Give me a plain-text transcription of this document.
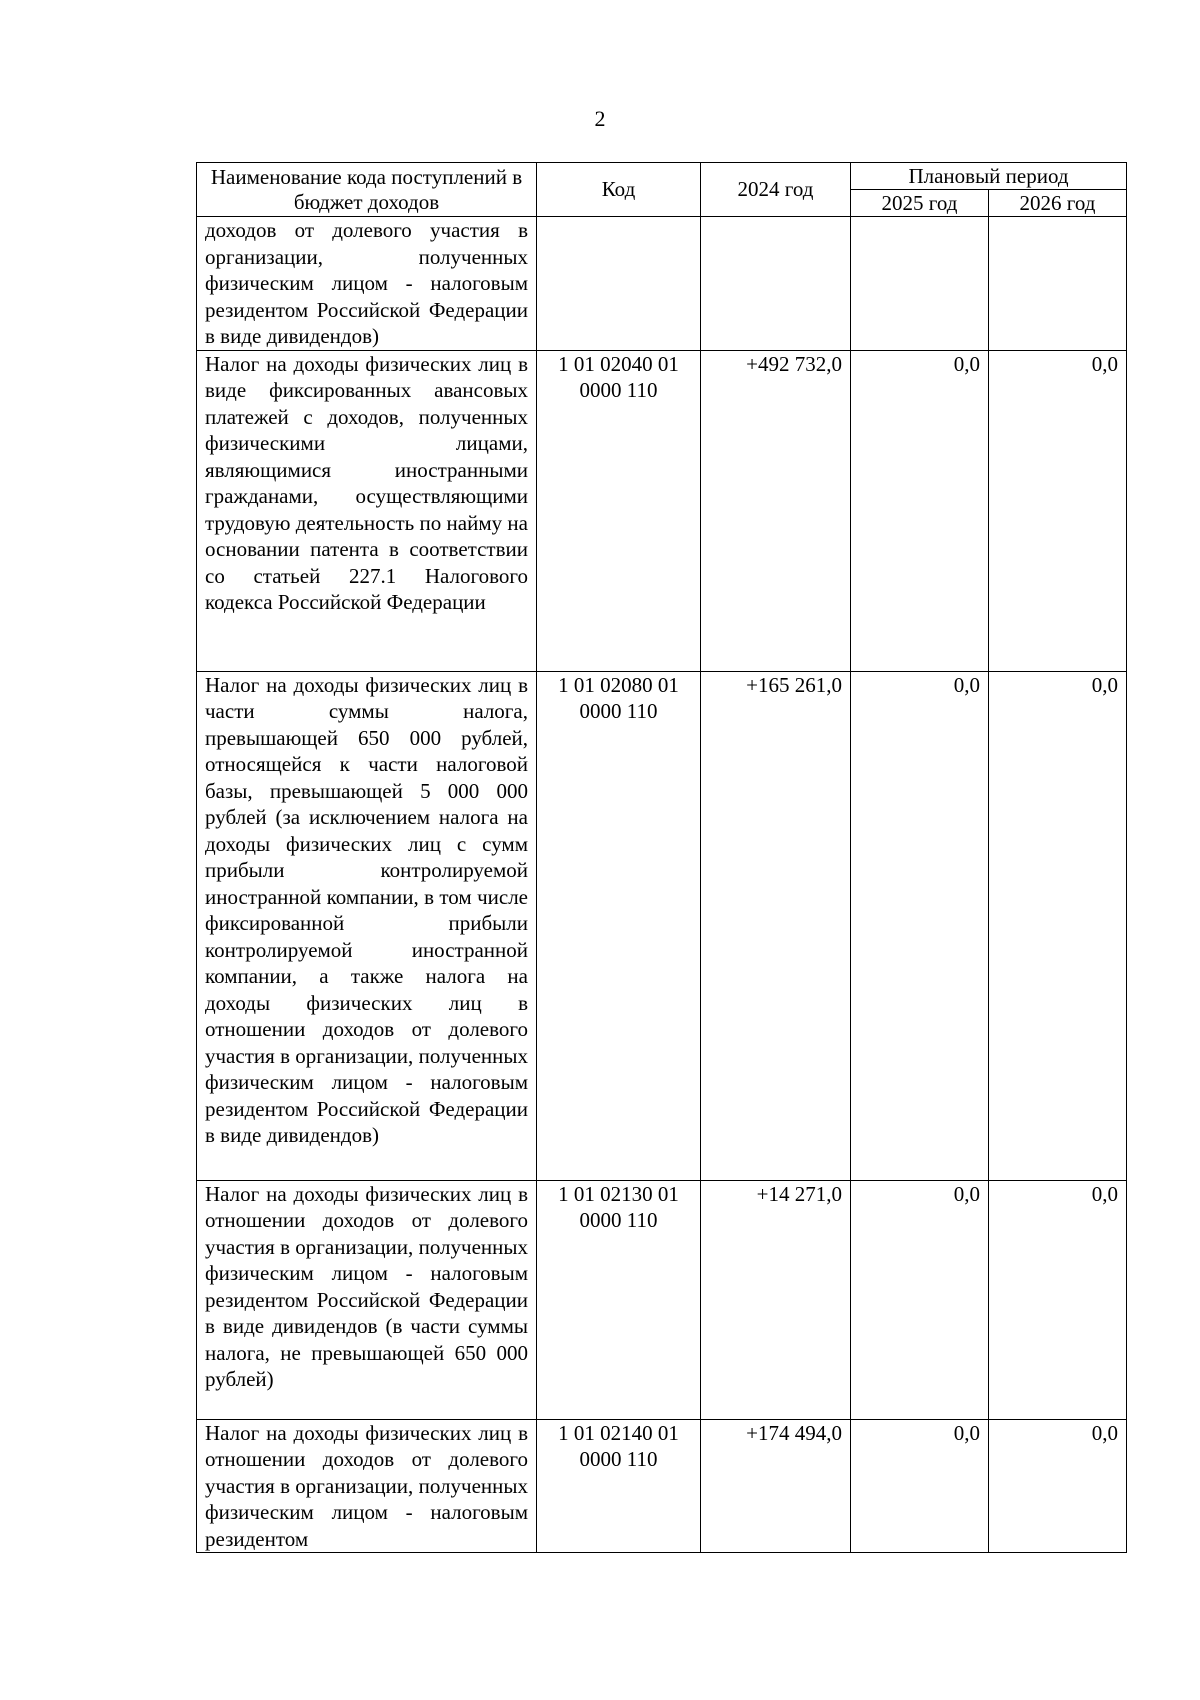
2
Наименование кода поступлений в бюджет доходов	Код	2024 год	Плановый период	
			2025 год	2026 год
доходов от долевого участия в организации, полученных физическим лицом - налоговым резидентом Российской Федерации в виде дивидендов)				
Налог на доходы физических лиц в виде фиксированных авансовых платежей с доходов, полученных физическими лицами, являющимися иностранными гражданами, осуществляющими трудовую деятельность по найму на основании патента в соответствии со статьей 227.1 Налогового кодекса Российской Федерации	1 01 02040 01 0000 110	+492 732,0	0,0	0,0
Налог на доходы физических лиц в части суммы налога, превышающей 650 000 рублей, относящейся к части налоговой базы, превышающей 5 000 000 рублей (за исключением налога на доходы физических лиц с сумм прибыли контролируемой иностранной компании, в том числе фиксированной прибыли контролируемой иностранной компании, а также налога на доходы физических лиц в отношении доходов от долевого участия в организации, полученных физическим лицом - налоговым резидентом Российской Федерации в виде дивидендов)	1 01 02080 01 0000 110	+165 261,0	0,0	0,0
Налог на доходы физических лиц в отношении доходов от долевого участия в организации, полученных физическим лицом - налоговым резидентом Российской Федерации в виде дивидендов (в части суммы налога, не превышающей 650 000 рублей)	1 01 02130 01 0000 110	+14 271,0	0,0	0,0
Налог на доходы физических лиц в отношении доходов от долевого участия в организации, полученных физическим лицом - налоговым резидентом	1 01 02140 01 0000 110	+174 494,0	0,0	0,0
